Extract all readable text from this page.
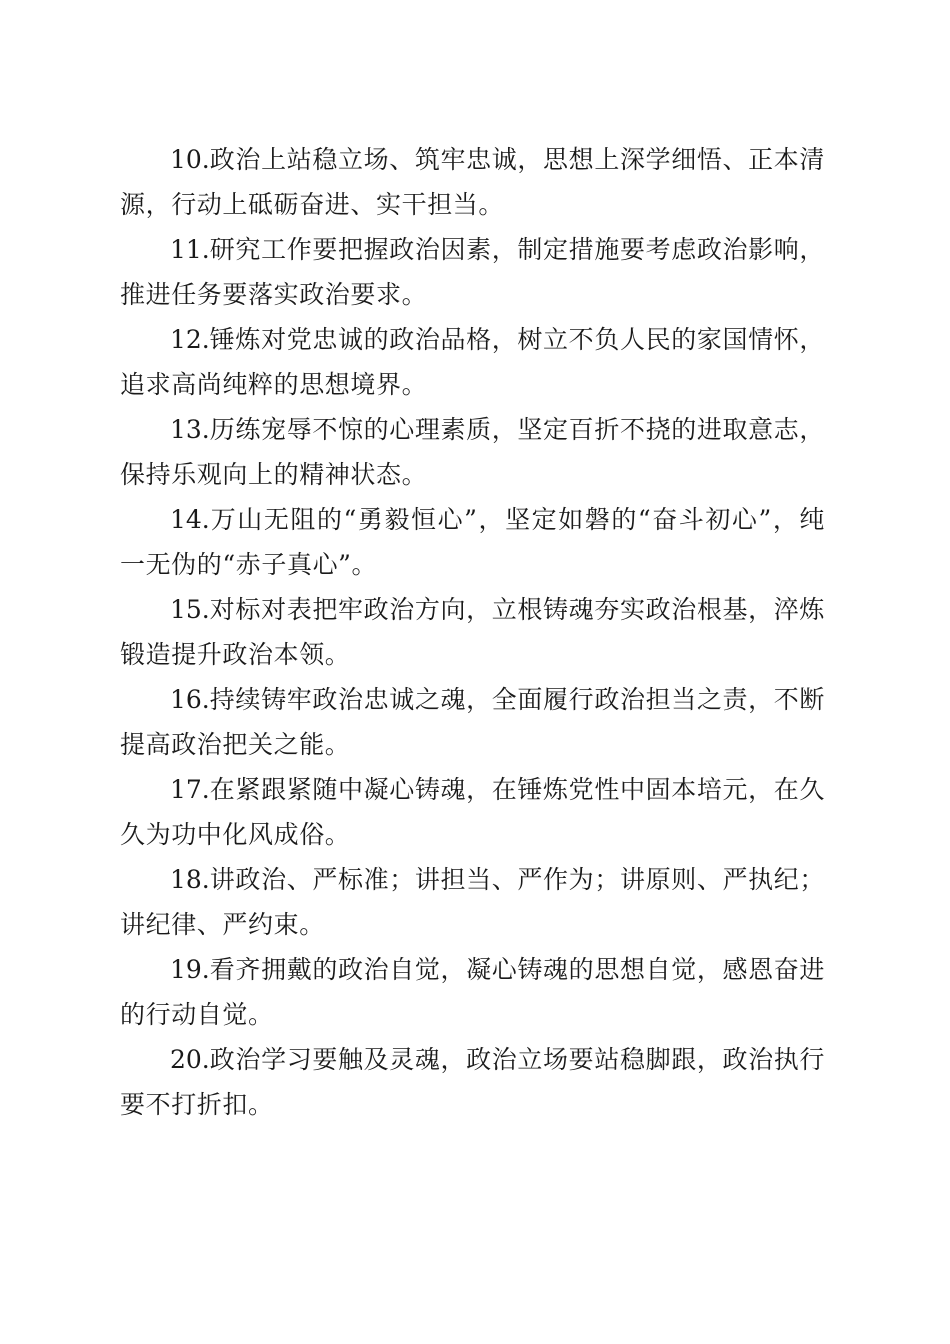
10.政治上站稳立场、筑牢忠诚，思想上深学细悟、正本清源，行动上砥砺奋进、实干担当。

11.研究工作要把握政治因素，制定措施要考虑政治影响，推进任务要落实政治要求。

12.锤炼对党忠诚的政治品格，树立不负人民的家国情怀，追求高尚纯粹的思想境界。

13.历练宠辱不惊的心理素质，坚定百折不挠的进取意志，保持乐观向上的精神状态。

14.万山无阻的“勇毅恒心”，坚定如磐的“奋斗初心”，纯一无伪的“赤子真心”。

15.对标对表把牢政治方向，立根铸魂夯实政治根基，淬炼锻造提升政治本领。

16.持续铸牢政治忠诚之魂，全面履行政治担当之责，不断提高政治把关之能。

17.在紧跟紧随中凝心铸魂，在锤炼党性中固本培元，在久久为功中化风成俗。

18.讲政治、严标准；讲担当、严作为；讲原则、严执纪；讲纪律、严约束。

19.看齐拥戴的政治自觉，凝心铸魂的思想自觉，感恩奋进的行动自觉。

20.政治学习要触及灵魂，政治立场要站稳脚跟，政治执行要不打折扣。
